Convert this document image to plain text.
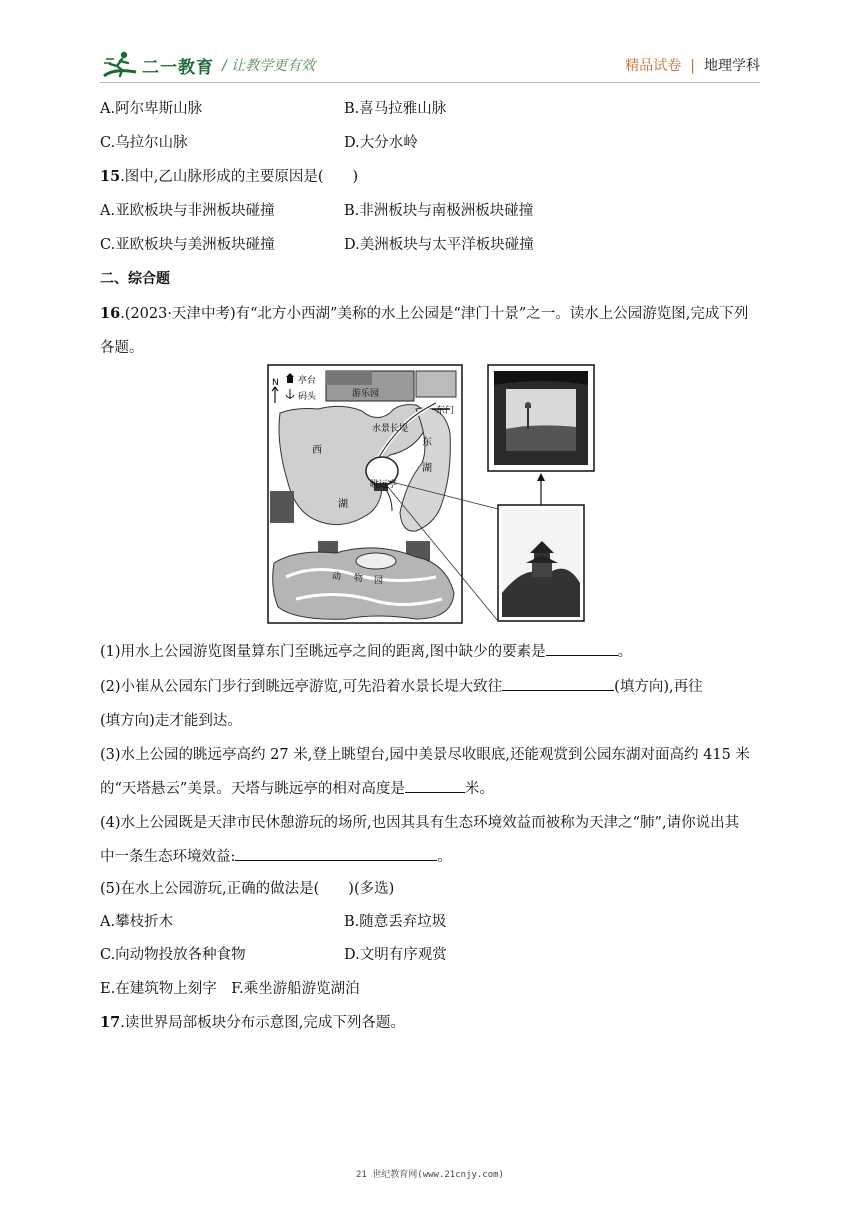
二一教育 / 让教学更有效	精品试卷 | 地理学科
A.阿尔卑斯山脉	B.喜马拉雅山脉
C.乌拉尔山脉	D.大分水岭
15.图中,乙山脉形成的主要原因是(　　)
A.亚欧板块与非洲板块碰撞	B.非洲板块与南极洲板块碰撞
C.亚欧板块与美洲板块碰撞	D.美洲板块与太平洋板块碰撞
二、综合题
16.(2023·天津中考)有“北方小西湖”美称的水上公园是“津门十景”之一。读水上公园游览图,完成下列
各题。
N 亭台
码头	游乐园
东门
水景长堤
东
湖
西
湖
眺远亭
动 物 园
(1)用水上公园游览图量算东门至眺远亭之间的距离,图中缺少的要素是	。
(2)小崔从公园东门步行到眺远亭游览,可先沿着水景长堤大致往	(填方向),再往
(填方向)走才能到达。
(3)水上公园的眺远亭高约 27 米,登上眺望台,园中美景尽收眼底,还能观赏到公园东湖对面高约 415 米
的“天塔悬云”美景。天塔与眺远亭的相对高度是	米。
(4)水上公园既是天津市民休憩游玩的场所,也因其具有生态环境效益而被称为天津之“肺”,请你说出其
中一条生态环境效益:	。
(5)在水上公园游玩,正确的做法是(　　)(多选)
A.攀枝折木	B.随意丢弃垃圾
C.向动物投放各种食物	D.文明有序观赏
E.在建筑物上刻字　F.乘坐游船游览湖泊
17.读世界局部板块分布示意图,完成下列各题。
21 世纪教育网(www.21cnjy.com)
